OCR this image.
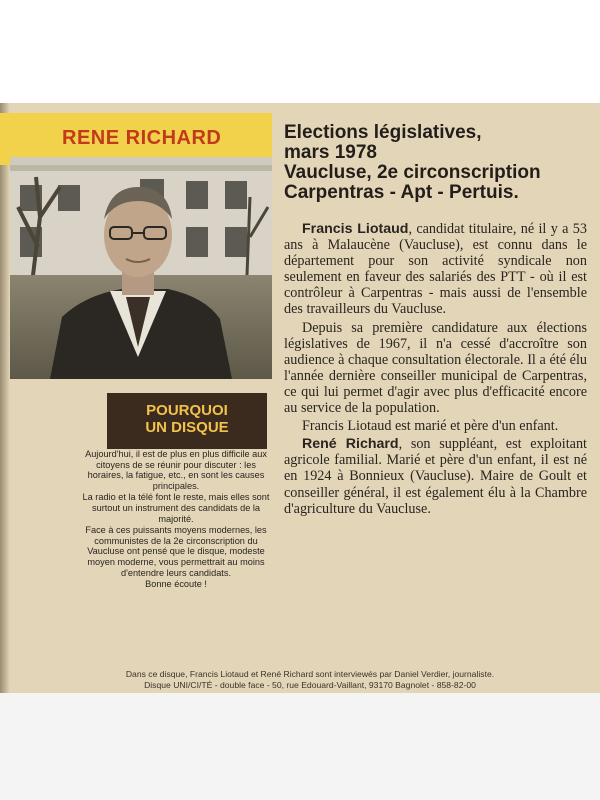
RENE RICHARD
POURQUOI
UN DISQUE

Aujourd'hui, il est de plus en plus difficile aux citoyens de se réunir pour discuter : les horaires, la fatigue, etc., en sont les causes principales.

La radio et la télé font le reste, mais elles sont surtout un instrument des candidats de la majorité.

Face à ces puissants moyens modernes, les communistes de la 2e circonscription du Vaucluse ont pensé que le disque, modeste moyen moderne, vous permettrait au moins d'entendre leurs candidats.

Bonne écoute !

Elections législatives,
mars 1978
Vaucluse, 2e circonscription
Carpentras - Apt - Pertuis.

Francis Liotaud, candidat titulaire, né il y a 53 ans à Malaucène (Vaucluse), est connu dans le département pour son activité syndicale non seulement en faveur des salariés des PTT - où il est contrôleur à Carpentras - mais aussi de l'ensemble des travailleurs du Vaucluse.

Depuis sa première candidature aux élections législatives de 1967, il n'a cessé d'accroître son audience à chaque consultation électorale. Il a été élu l'année dernière conseiller municipal de Carpentras, ce qui lui permet d'agir avec plus d'efficacité encore au service de la population.

Francis Liotaud est marié et père d'un enfant.

René Richard, son suppléant, est exploitant agricole familial. Marié et père d'un enfant, il est né en 1924 à Bonnieux (Vaucluse). Maire de Goult et conseiller général, il est également élu à la Chambre d'agriculture du Vaucluse.

Dans ce disque, Francis Liotaud et René Richard sont interviewés par Daniel Verdier, journaliste.
Disque UNI/CI/TÉ - double face - 50, rue Edouard-Vaillant, 93170 Bagnolet - 858-82-00
